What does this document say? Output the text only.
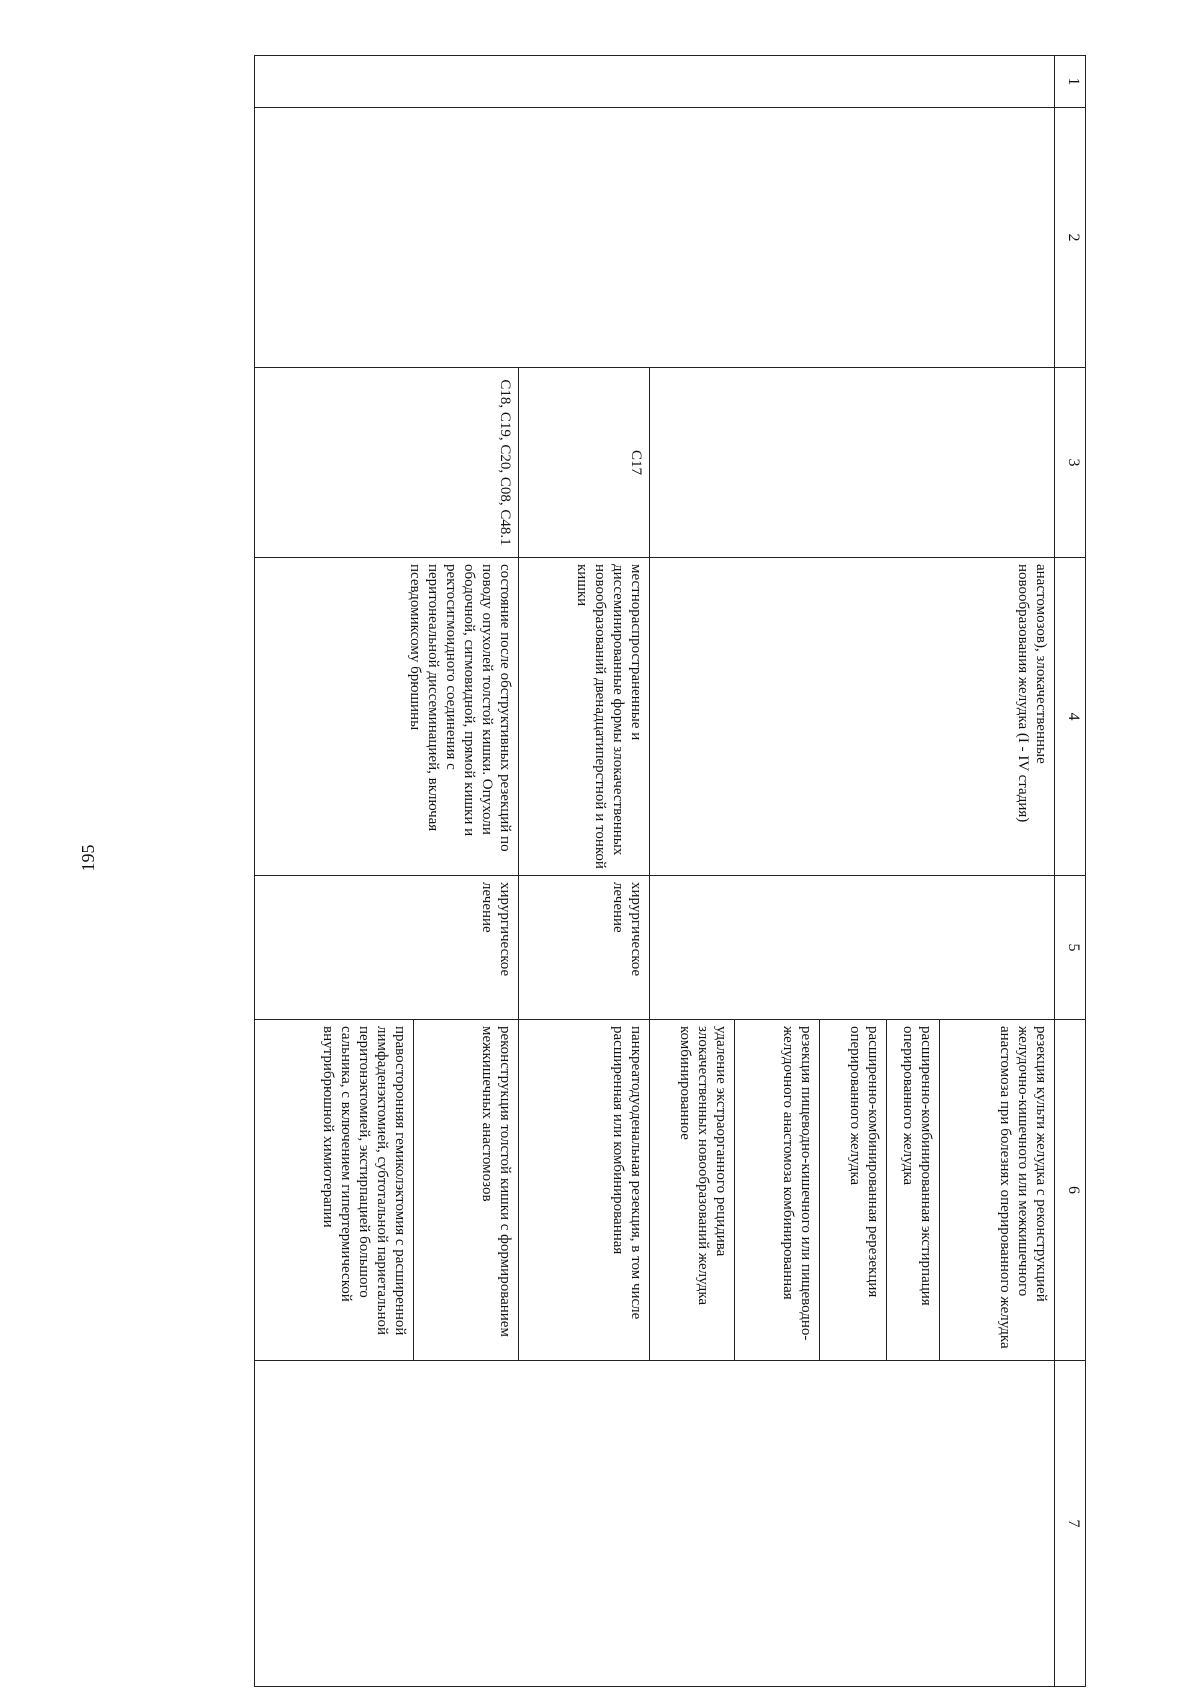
195
1	2	3	4	5	6	7
			анастомозов), злокачественные новообразования желудка (I - IV стадия)		резекция культи желудка с реконструкцией желудочно-кишечного или межкишечного анастомоза при болезнях оперированного желудка	
					расширенно-комбинированная экстирпация оперированного желудка	
					расширенно-комбинированная ререзекция оперированного желудка	
					резекция пищеводно-кишечного или пищеводно-желудочного анастомоза комбинированная	
					удаление экстраорганного рецидива злокачественных новообразований желудка комбинированное	
		C17	местнораспространенные и диссеминированные формы злокачественных новообразований двенадцатиперстной и тонкой кишки	хирургическое лечение	панкреатодуоденальная резекция, в том числе расширенная или комбинированная	
		C18, C19, C20, C08, C48.1	состояние после обструктивных резекций по поводу опухолей толстой кишки. Опухоли ободочной, сигмовидной, прямой кишки и ректосигмоидного соединения с перитонеальной диссеминацией, включая псевдомиксому брюшины	хирургическое лечение	реконструкция толстой кишки с формированием межкишечных анастомозов	
					правосторонняя гемиколэктомия с расширенной лимфаденэктомией, субтотальной париетальной перитонэктомией, экстирпацией большого сальника, с включением гипертермической внутрибрюшной химиотерапии	
